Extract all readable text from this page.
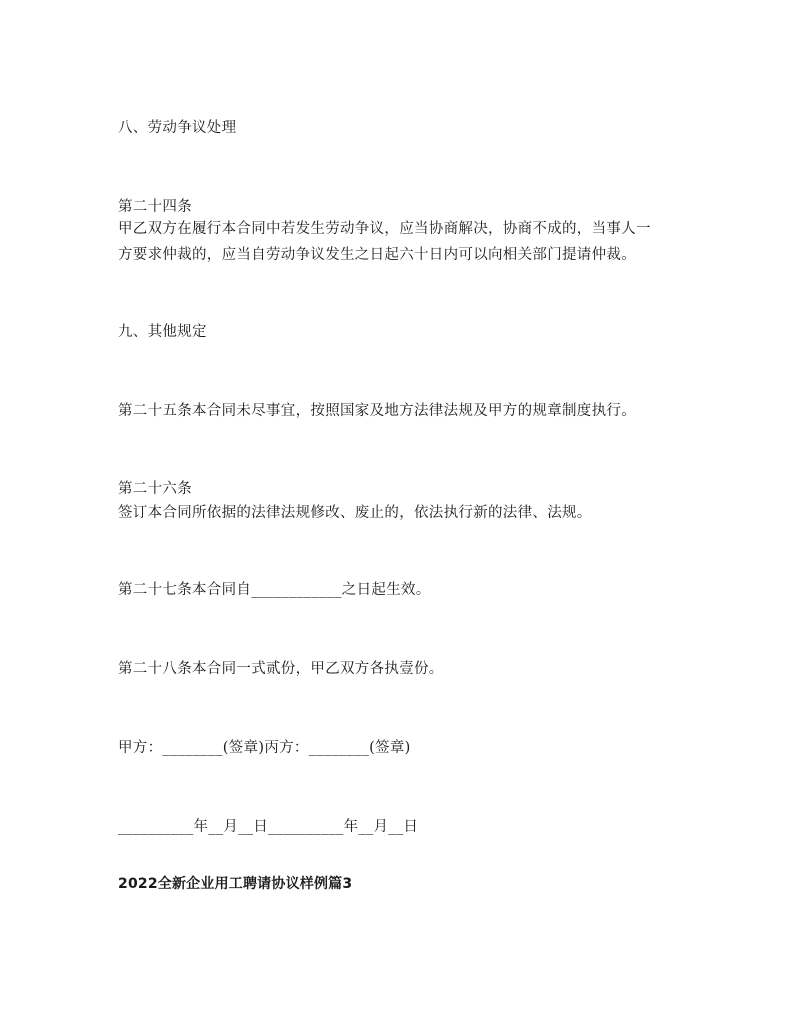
八、劳动争议处理
第二十四条
甲乙双方在履行本合同中若发生劳动争议，应当协商解决，协商不成的，当事人一
方要求仲裁的，应当自劳动争议发生之日起六十日内可以向相关部门提请仲裁。
九、其他规定
第二十五条本合同未尽事宜，按照国家及地方法律法规及甲方的规章制度执行。
第二十六条
签订本合同所依据的法律法规修改、废止的，依法执行新的法律、法规。
第二十七条本合同自____________之日起生效。
第二十八条本合同一式贰份，甲乙双方各执壹份。
甲方：________(签章)丙方：________(签章)
__________年__月__日__________年__月__日
2022全新企业用工聘请协议样例篇3
